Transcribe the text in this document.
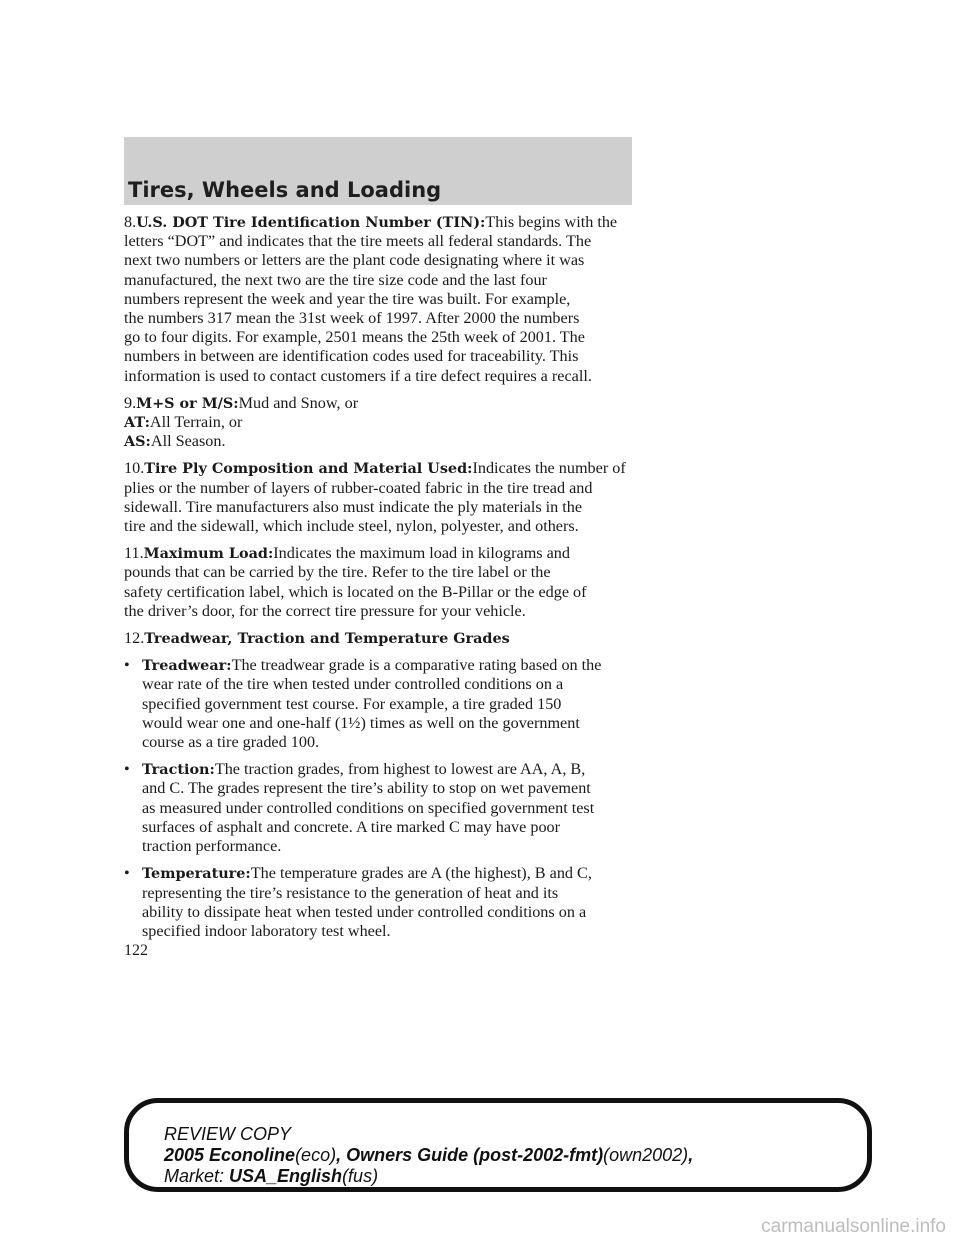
Tires, Wheels and Loading
8.U.S. DOT Tire Identification Number (TIN):This begins with the
letters “DOT” and indicates that the tire meets all federal standards. The
next two numbers or letters are the plant code designating where it was
manufactured, the next two are the tire size code and the last four
numbers represent the week and year the tire was built. For example,
the numbers 317 mean the 31st week of 1997. After 2000 the numbers
go to four digits. For example, 2501 means the 25th week of 2001. The
numbers in between are identification codes used for traceability. This
information is used to contact customers if a tire defect requires a recall.
9.M+S or M/S:Mud and Snow, or
AT:All Terrain, or
AS:All Season.
10.Tire Ply Composition and Material Used:Indicates the number of
plies or the number of layers of rubber-coated fabric in the tire tread and
sidewall. Tire manufacturers also must indicate the ply materials in the
tire and the sidewall, which include steel, nylon, polyester, and others.
11.Maximum Load:Indicates the maximum load in kilograms and
pounds that can be carried by the tire. Refer to the tire label or the
safety certification label, which is located on the B-Pillar or the edge of
the driver’s door, for the correct tire pressure for your vehicle.
12.Treadwear, Traction and Temperature Grades
• Treadwear:The treadwear grade is a comparative rating based on the
wear rate of the tire when tested under controlled conditions on a
specified government test course. For example, a tire graded 150
would wear one and one-half (1½) times as well on the government
course as a tire graded 100.
• Traction:The traction grades, from highest to lowest are AA, A, B,
and C. The grades represent the tire’s ability to stop on wet pavement
as measured under controlled conditions on specified government test
surfaces of asphalt and concrete. A tire marked C may have poor
traction performance.
• Temperature:The temperature grades are A (the highest), B and C,
representing the tire’s resistance to the generation of heat and its
ability to dissipate heat when tested under controlled conditions on a
specified indoor laboratory test wheel.
122
REVIEW COPY
2005 Econoline(eco), Owners Guide (post-2002-fmt)(own2002),
Market: USA_English(fus)
carmanualsonline.info
